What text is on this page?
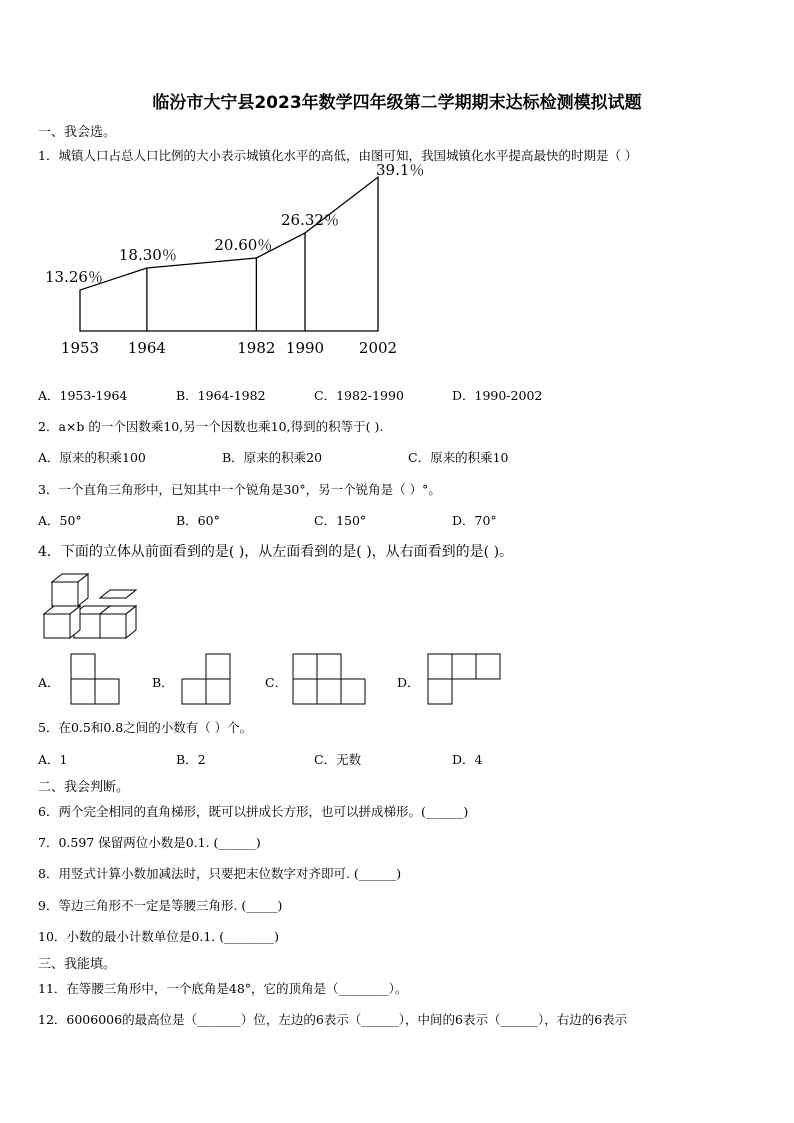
临汾市大宁县2023年数学四年级第二学期期末达标检测模拟试题
一、我会选。
1．城镇人口占总人口比例的大小表示城镇化水平的高低，由图可知，我国城镇化水平提高最快的时期是（ ）
13.26％
18.30％
20.60％
26.32％
39.1％
1953 1964	1982 1990 2002
A．1953-1964	B．1964-1982	C．1982-1990	D．1990-2002
2．a×b 的一个因数乘10,另一个因数也乘10,得到的积等于( ).
A．原来的积乘100	B．原来的积乘20	C．原来的积乘10
3．一个直角三角形中，已知其中一个锐角是30°，另一个锐角是（ ）°。
A．50°	B．60°	C．150°	D．70°
4．下面的立体从前面看到的是( )，从左面看到的是( )，从右面看到的是( )。
A．	B．	C．	D．
5．在0.5和0.8之间的小数有（ ）个。
A．1	B．2	C．无数	D．4
二、我会判断。
6．两个完全相同的直角梯形，既可以拼成长方形，也可以拼成梯形。(______)
7．0.597 保留两位小数是0.1. (______)
8．用竖式计算小数加减法时，只要把末位数字对齐即可. (______)
9．等边三角形不一定是等腰三角形. (_____)
10．小数的最小计数单位是0.1. (________)
三、我能填。
11．在等腰三角形中，一个底角是48°，它的顶角是（________）。
12．6006006的最高位是（_______）位，左边的6表示（______），中间的6表示（______），右边的6表示
